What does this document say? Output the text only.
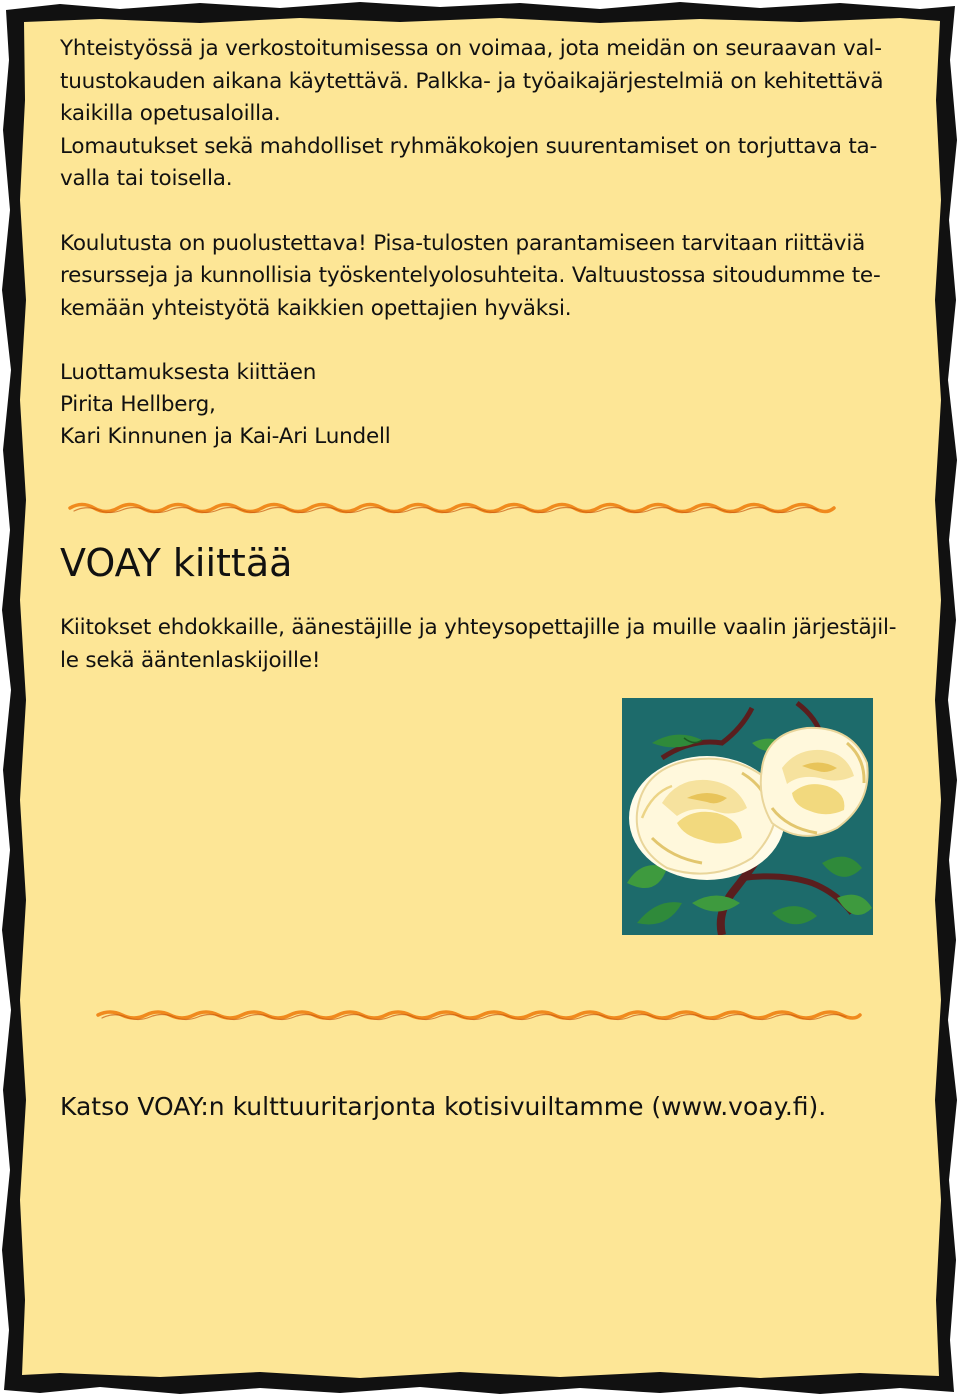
Yhteistyössä ja verkostoitumisessa on voimaa, jota meidän on seuraavan val-

tuustokauden aikana käytettävä. Palkka- ja työaikajärjestelmiä on kehitettävä

kaikilla opetusaloilla.

Lomautukset sekä mahdolliset ryhmäkokojen suurentamiset on torjuttava ta-

valla tai toisella.

Koulutusta on puolustettava! Pisa-tulosten parantamiseen tarvitaan riittäviä

resursseja ja kunnollisia työskentelyolosuhteita. Valtuustossa sitoudumme te-

kemään yhteistyötä kaikkien opettajien hyväksi.

Luottamuksesta kiittäen

Pirita Hellberg,

Kari Kinnunen ja Kai-Ari Lundell

VOAY kiittää

Kiitokset ehdokkaille, äänestäjille ja yhteysopettajille ja muille vaalin järjestäjil-

le sekä ääntenlaskijoille!

Katso VOAY:n kulttuuritarjonta kotisivuiltamme (www.voay.fi).
